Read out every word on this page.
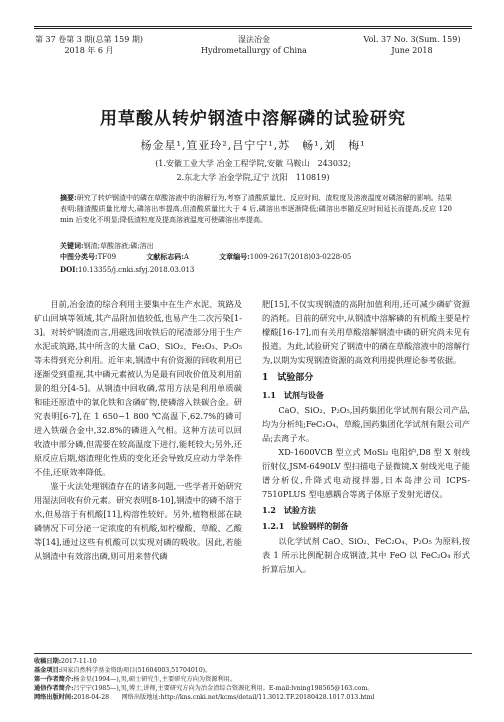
第 37 卷第 3 期(总第 159 期)
2018 年 6 月
湿法冶金
Hydrometallurgy of China
Vol. 37 No. 3(Sum. 159)
June 2018
用草酸从转炉钢渣中溶解磷的试验研究
杨金星¹,笪亚玲²,吕宁宁¹,苏　畅¹,刘　梅¹
(1.安徽工业大学 冶金工程学院,安徽 马鞍山　243032;
2.东北大学 冶金学院,辽宁 沈阳　110819)
摘要:研究了转炉钢渣中的磷在草酸溶液中的溶解行为,考察了渣酸质量比、反应时间、渣粒度及溶液温度对磷溶解的影响。结果表明:随渣酸质量比增大,磷溶出率提高,但渣酸质量比大于 4 后,磷溶出率逐渐降低;磷溶出率随反应时间延长而提高,反应 120 min 后变化不明显;降低渣粒度及提高溶液温度可使磷溶出率提高。
关键词:钢渣;草酸溶液;磷;溶出
中图分类号:TF09	文献标志码:A	文章编号:1009-2617(2018)03-0228-05
DOI:10.13355/j.cnki.sfyj.2018.03.013

目前,冶金渣的综合利用主要集中在生产水泥、筑路及矿山回填等领域,其产品附加值较低,也易产生二次污染[1-3]。对转炉钢渣而言,用磁选回收铁后的尾渣部分用于生产水泥或筑路,其中所含的大量 CaO、SiO₂、Fe₂O₃、P₂O₅ 等未得到充分利用。近年来,钢渣中有价资源的回收利用已逐渐受到重视,其中磷元素被认为是最有回收价值及利用前景的组分[4-5]。从钢渣中回收磷,常用方法是利用单质碳和硅还原渣中的氧化铁和含磷矿物,使磷溶入铁碳合金。研究表明[6-7],在 1 650~1 800 ℃高温下,62.7%的磷可进入铁碳合金中,32.8%的磷进入气相。这种方法可以回收渣中部分磷,但需要在较高温度下进行,能耗较大;另外,还原反应后期,熔渣理化性质的变化还会导致反应动力学条件不佳,还原效率降低。

鉴于火法处理钢渣存在的诸多问题,一些学者开始研究用湿法回收有价元素。研究表明[8-10],钢渣中的磷不溶于水,但易溶于有机酸[11],构溶性较好。另外,植物根部在缺磷情况下可分泌一定浓度的有机酸,如柠檬酸、草酸、乙酸等[14],通过这些有机酸可以实现对磷的吸收。因此,若能从钢渣中有效溶出磷,则可用来替代磷

肥[15],不仅实现钢渣的高附加值利用,还可减少磷矿资源的消耗。目前的研究中,从钢渣中溶解磷的有机酸主要是柠檬酸[16-17],而有关用草酸溶解钢渣中磷的研究尚未见有报道。为此,试验研究了钢渣中的磷在草酸溶液中的溶解行为,以期为实现钢渣资源的高效利用提供理论参考依据。

1　试验部分
1.1　试剂与设备

CaO、SiO₂、P₂O₅,国药集团化学试剂有限公司产品,均为分析纯;FeC₂O₄、草酸,国药集团化学试剂有限公司产品;去离子水。

XD-1600VCB 型立式 MoSi₂ 电阻炉,D8 型 X 射线衍射仪,JSM-6490LV 型扫描电子显微镜,X 射线光电子能谱分析仪,升降式电动搅拌器,日本岛津公司 ICPS-7510PLUS 型电感耦合等离子体原子发射光谱仪。

1.2　试验方法
1.2.1　试验钢样的制备

以化学试剂 CaO、SiO₂、FeC₂O₄、P₂O₅ 为原料,按表 1 所示比例配制合成钢渣,其中 FeO 以 FeC₂O₄ 形式折算后加入。

收稿日期:2017-11-10
基金项目:国家自然科学基金资助项目(51604003,51704010)。
第一作者简介:杨金星(1994—),男,硕士研究生,主要研究方向为资源利用。
通信作者简介:吕宁宁(1985—),男,博士,讲师,主要研究方向为冶金渣综合资源化利用。E-mail:lvning198565@163.com。
网络出版时间:2018-04-28　　网络出版地址:http://kns.cnki.net/kcms/detail/11.3012.TF.20180428.1017.013.html
